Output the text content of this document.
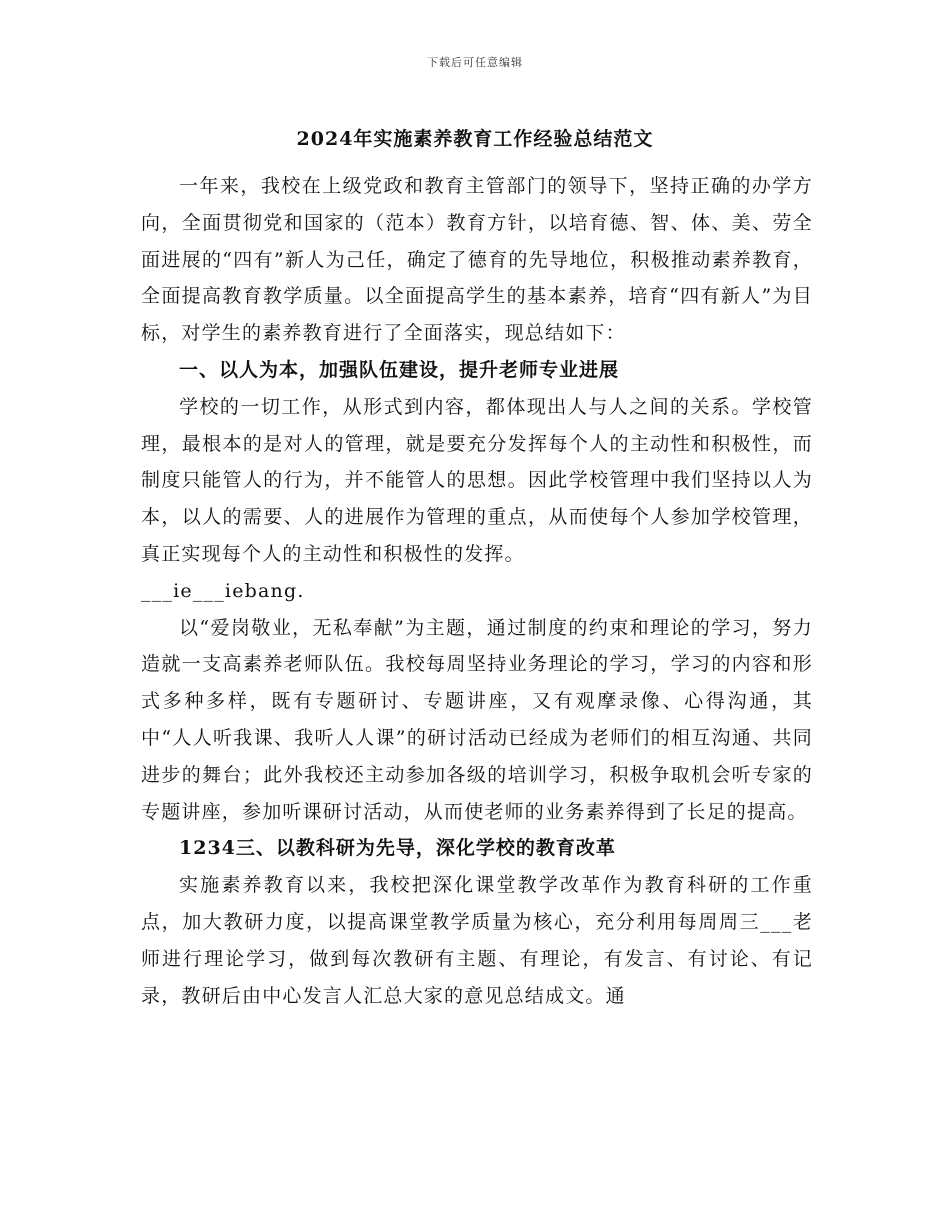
下载后可任意编辑
2024年实施素养教育工作经验总结范文

一年来，我校在上级党政和教育主管部门的领导下，坚持正确的办学方向，全面贯彻党和国家的（范本）教育方针，以培育德、智、体、美、劳全面进展的“四有”新人为己任，确定了德育的先导地位，积极推动素养教育，全面提高教育教学质量。以全面提高学生的基本素养，培育“四有新人”为目标，对学生的素养教育进行了全面落实，现总结如下：

一、以人为本，加强队伍建设，提升老师专业进展

学校的一切工作，从形式到内容，都体现出人与人之间的关系。学校管理，最根本的是对人的管理，就是要充分发挥每个人的主动性和积极性，而制度只能管人的行为，并不能管人的思想。因此学校管理中我们坚持以人为本，以人的需要、人的进展作为管理的重点，从而使每个人参加学校管理，真正实现每个人的主动性和积极性的发挥。

___ie___iebang.

以“爱岗敬业，无私奉献”为主题，通过制度的约束和理论的学习，努力造就一支高素养老师队伍。我校每周坚持业务理论的学习，学习的内容和形式多种多样，既有专题研讨、专题讲座，又有观摩录像、心得沟通，其中“人人听我课、我听人人课”的研讨活动已经成为老师们的相互沟通、共同进步的舞台；此外我校还主动参加各级的培训学习，积极争取机会听专家的专题讲座，参加听课研讨活动，从而使老师的业务素养得到了长足的提高。

1234三、以教科研为先导，深化学校的教育改革

实施素养教育以来，我校把深化课堂教学改革作为教育科研的工作重点，加大教研力度，以提高课堂教学质量为核心，充分利用每周周三___老师进行理论学习，做到每次教研有主题、有理论，有发言、有讨论、有记录，教研后由中心发言人汇总大家的意见总结成文。通
